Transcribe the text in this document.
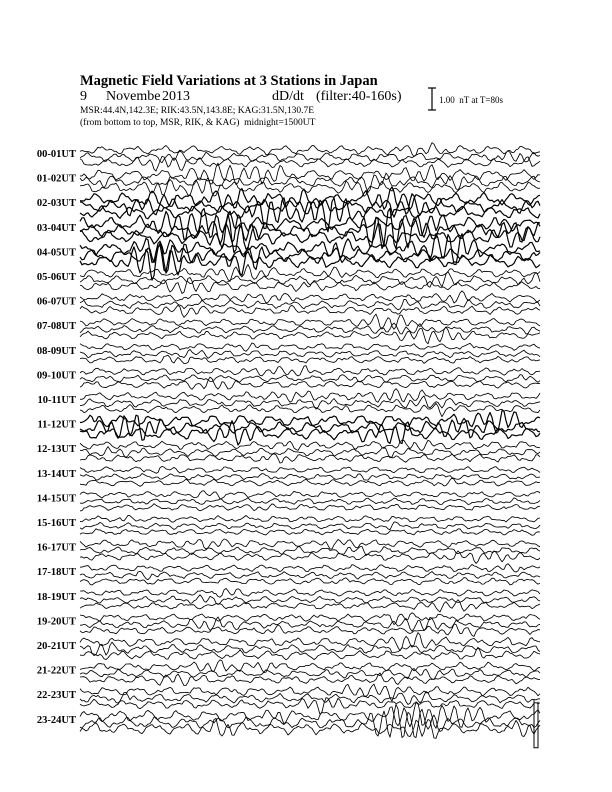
Magnetic Field Variations at 3 Stations in Japan

9

Novembe

2013

	dD/dt

(filter:40-160s)

MSR:44.4N,142.3E; RIK:43.5N,143.8E; KAG:31.5N,130.7E
(from bottom to top, MSR, RIK, & KAG)  midnight=1500UT
1.00  nT at T=80s
00-01UT
01-02UT
02-03UT
03-04UT
04-05UT
05-06UT
06-07UT
07-08UT
08-09UT
09-10UT
10-11UT
11-12UT
12-13UT
13-14UT
14-15UT
15-16UT
16-17UT
17-18UT
18-19UT
19-20UT
20-21UT
21-22UT
22-23UT
23-24UT
